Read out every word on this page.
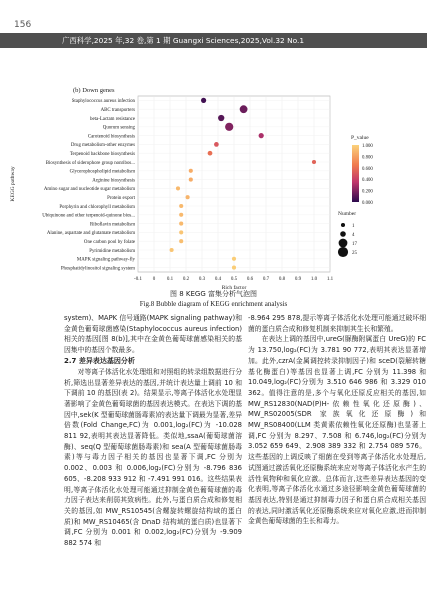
156
广西科学,2025 年,32 卷,第 1 期 Guangxi Sciences,2025,Vol.32 No.1
(b) Down genes
Staphylococcus aureus infection
ABC transporters
beta-Lactam resistance
Quorum sensing
Carotenoid biosynthesis
Drug metabolism-other enzymes
Terpenoid backbone biosynthesis
Biosynthesis of siderophore group nonribos...
Glycerophospholipid metabolism
Arginine biosynthesis
Amino sugar and nucleotide sugar metabolism
Protein export
Porphyrin and chlorophyll metabolism
Ubiquinone and other terpenoid-quinone bios...
Riboflavin metabolism
Alanine, aspartate and glutamate metabolism
One carbon pool by folate
Pyrimidine metabolism
MAPK signaling pathway-fly
Phosphatidylinositol signaling system
-0.1 0 0.1 0.2 0.3 0.4 0.5 0.6 0.7 0.8 0.9 1.0 1.1
Rich factor
KEGG pathway
P_value
1.000
0.800
0.600
0.400
0.200
0.000
Number
1
4
17
25
图 8 KEGG 富集分析气泡图
Fig.8 Bubble diagram of KEGG enrichment analysis

system)、MAPK 信号通路(MAPK signaling pathway)和金黄色葡萄球菌感染(Staphylococcus aureus infection)相关的基因[图 8(b)],其中在金黄色葡萄球菌感染相关的基因集中的基因个数最多。

2.7 差异表达基因分析

对等离子体活化水处理组和对照组的转录组数据进行分析,筛选出显著差异表达的基因,并统计表达量上调前 10 和下调前 10 的基因(表 2)。结果显示,等离子体活化水处理显著影响了金黄色葡萄球菌的基因表达模式。在表达下调的基因中,sek(K 型葡萄球菌肠毒素)的表达量下调最为显著,差异倍数(Fold Change,FC)为 0.001,log₂(FC)为 -10.028 811 92,表明其表达显著降低。类似地,ssaA(葡萄球菌溶酶)、seq(Q 型葡萄球菌肠毒素)和 sea(A 型葡萄球菌肠毒素)等与毒力因子相关的基因也显著下调,FC 分别为 0.002、0.003 和 0.006,log₂(FC)分别为 -8.796 836 605、-8.208 933 912 和 -7.491 991 016。这些结果表明,等离子体活化水处理可能通过抑制金黄色葡萄球菌的毒力因子表达来削弱其致病性。此外,与蛋白质合成和修复相关的基因,如 MW_RS10545(含螺旋转螺旋结构域的蛋白质)和 MW_RS10465(含 DnaD 结构域的蛋白质)也显著下调,FC 分别为 0.001 和 0.002,log₂(FC)分别为 -9.909 882 574 和

-8.964 295 878,提示等离子体活化水处理可能通过破坏细菌的蛋白质合成和修复机制来抑制其生长和繁殖。

在表达上调的基因中,ureG(脲酶附属蛋白 UreG)的 FC 为 13.750,log₂(FC)为 3.781 90 772,表明其表达显著增加。此外,czrA(金属调控转录抑制因子)和 sceD(裂解转糖基化酶蛋白)等基因也显著上调,FC 分别为 11.398 和 10.049,log₂(FC)分别为 3.510 646 986 和 3.329 010 362。值得注意的是,多个与氧化还原反应相关的基因,如 MW_RS12830(NAD(P)H-依赖性氧化还原酶)、MW_RS02005(SDR 家族氧化还原酶)和 MW_RS08400(LLM 类黄素依赖性氧化还原酶)也显著上调,FC 分别为 8.297、7.508 和 6.746,log₂(FC)分别为 3.052 659 649、2.908 389 332 和 2.754 089 576。这些基因的上调反映了细菌在受到等离子体活化水处理后,试图通过激活氧化还原酶系统来应对等离子体活化水产生的活性氧物种和氧化应激。总体而言,这些差异表达基因的变化表明,等离子体活化水通过多途径影响金黄色葡萄球菌的基因表达,特别是通过抑制毒力因子和蛋白质合成相关基因的表达,同时激活氧化还原酶系统来应对氧化应激,进而抑制金黄色葡萄球菌的生长和毒力。
